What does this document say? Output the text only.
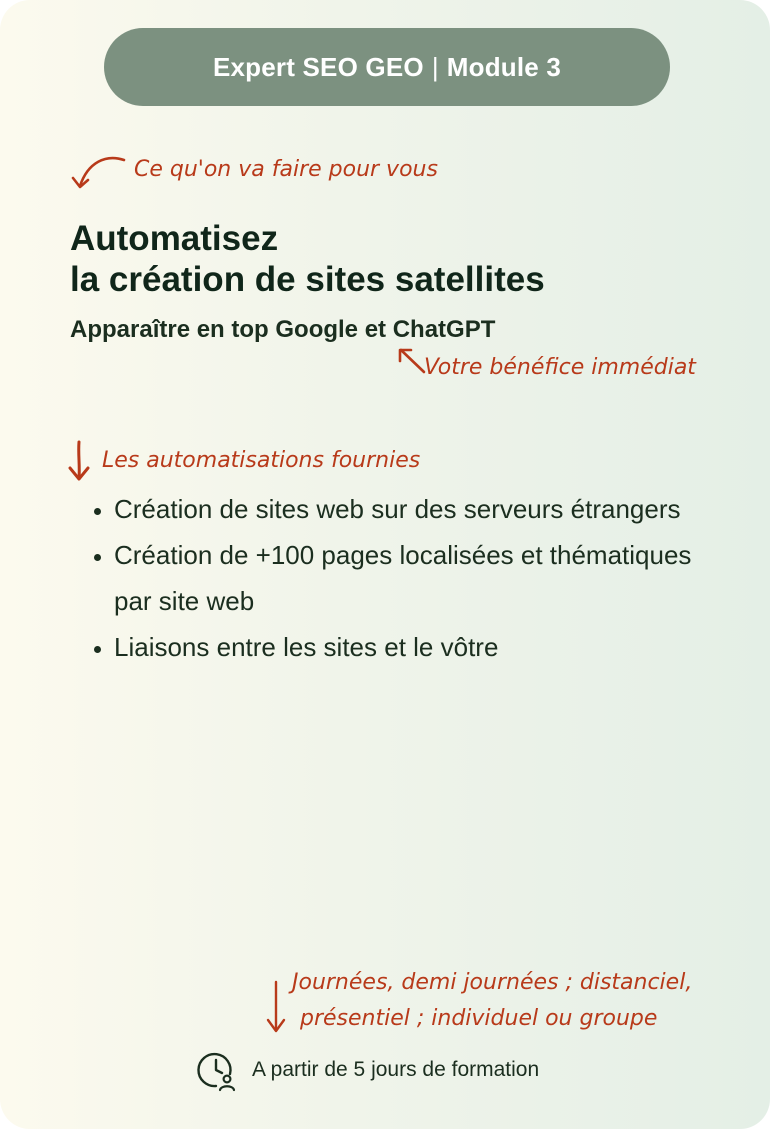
Expert SEO GEO | Module 3
Ce qu'on va faire pour vous
Automatisez
la création de sites satellites
Apparaître en top Google et ChatGPT
Votre bénéfice immédiat
Les automatisations fournies
• Création de sites web sur des serveurs étrangers
• Création de +100 pages localisées et thématiques par site web
• Liaisons entre les sites et le vôtre
Journées, demi journées ; distanciel,
présentiel ; individuel ou groupe
A partir de 5 jours de formation
